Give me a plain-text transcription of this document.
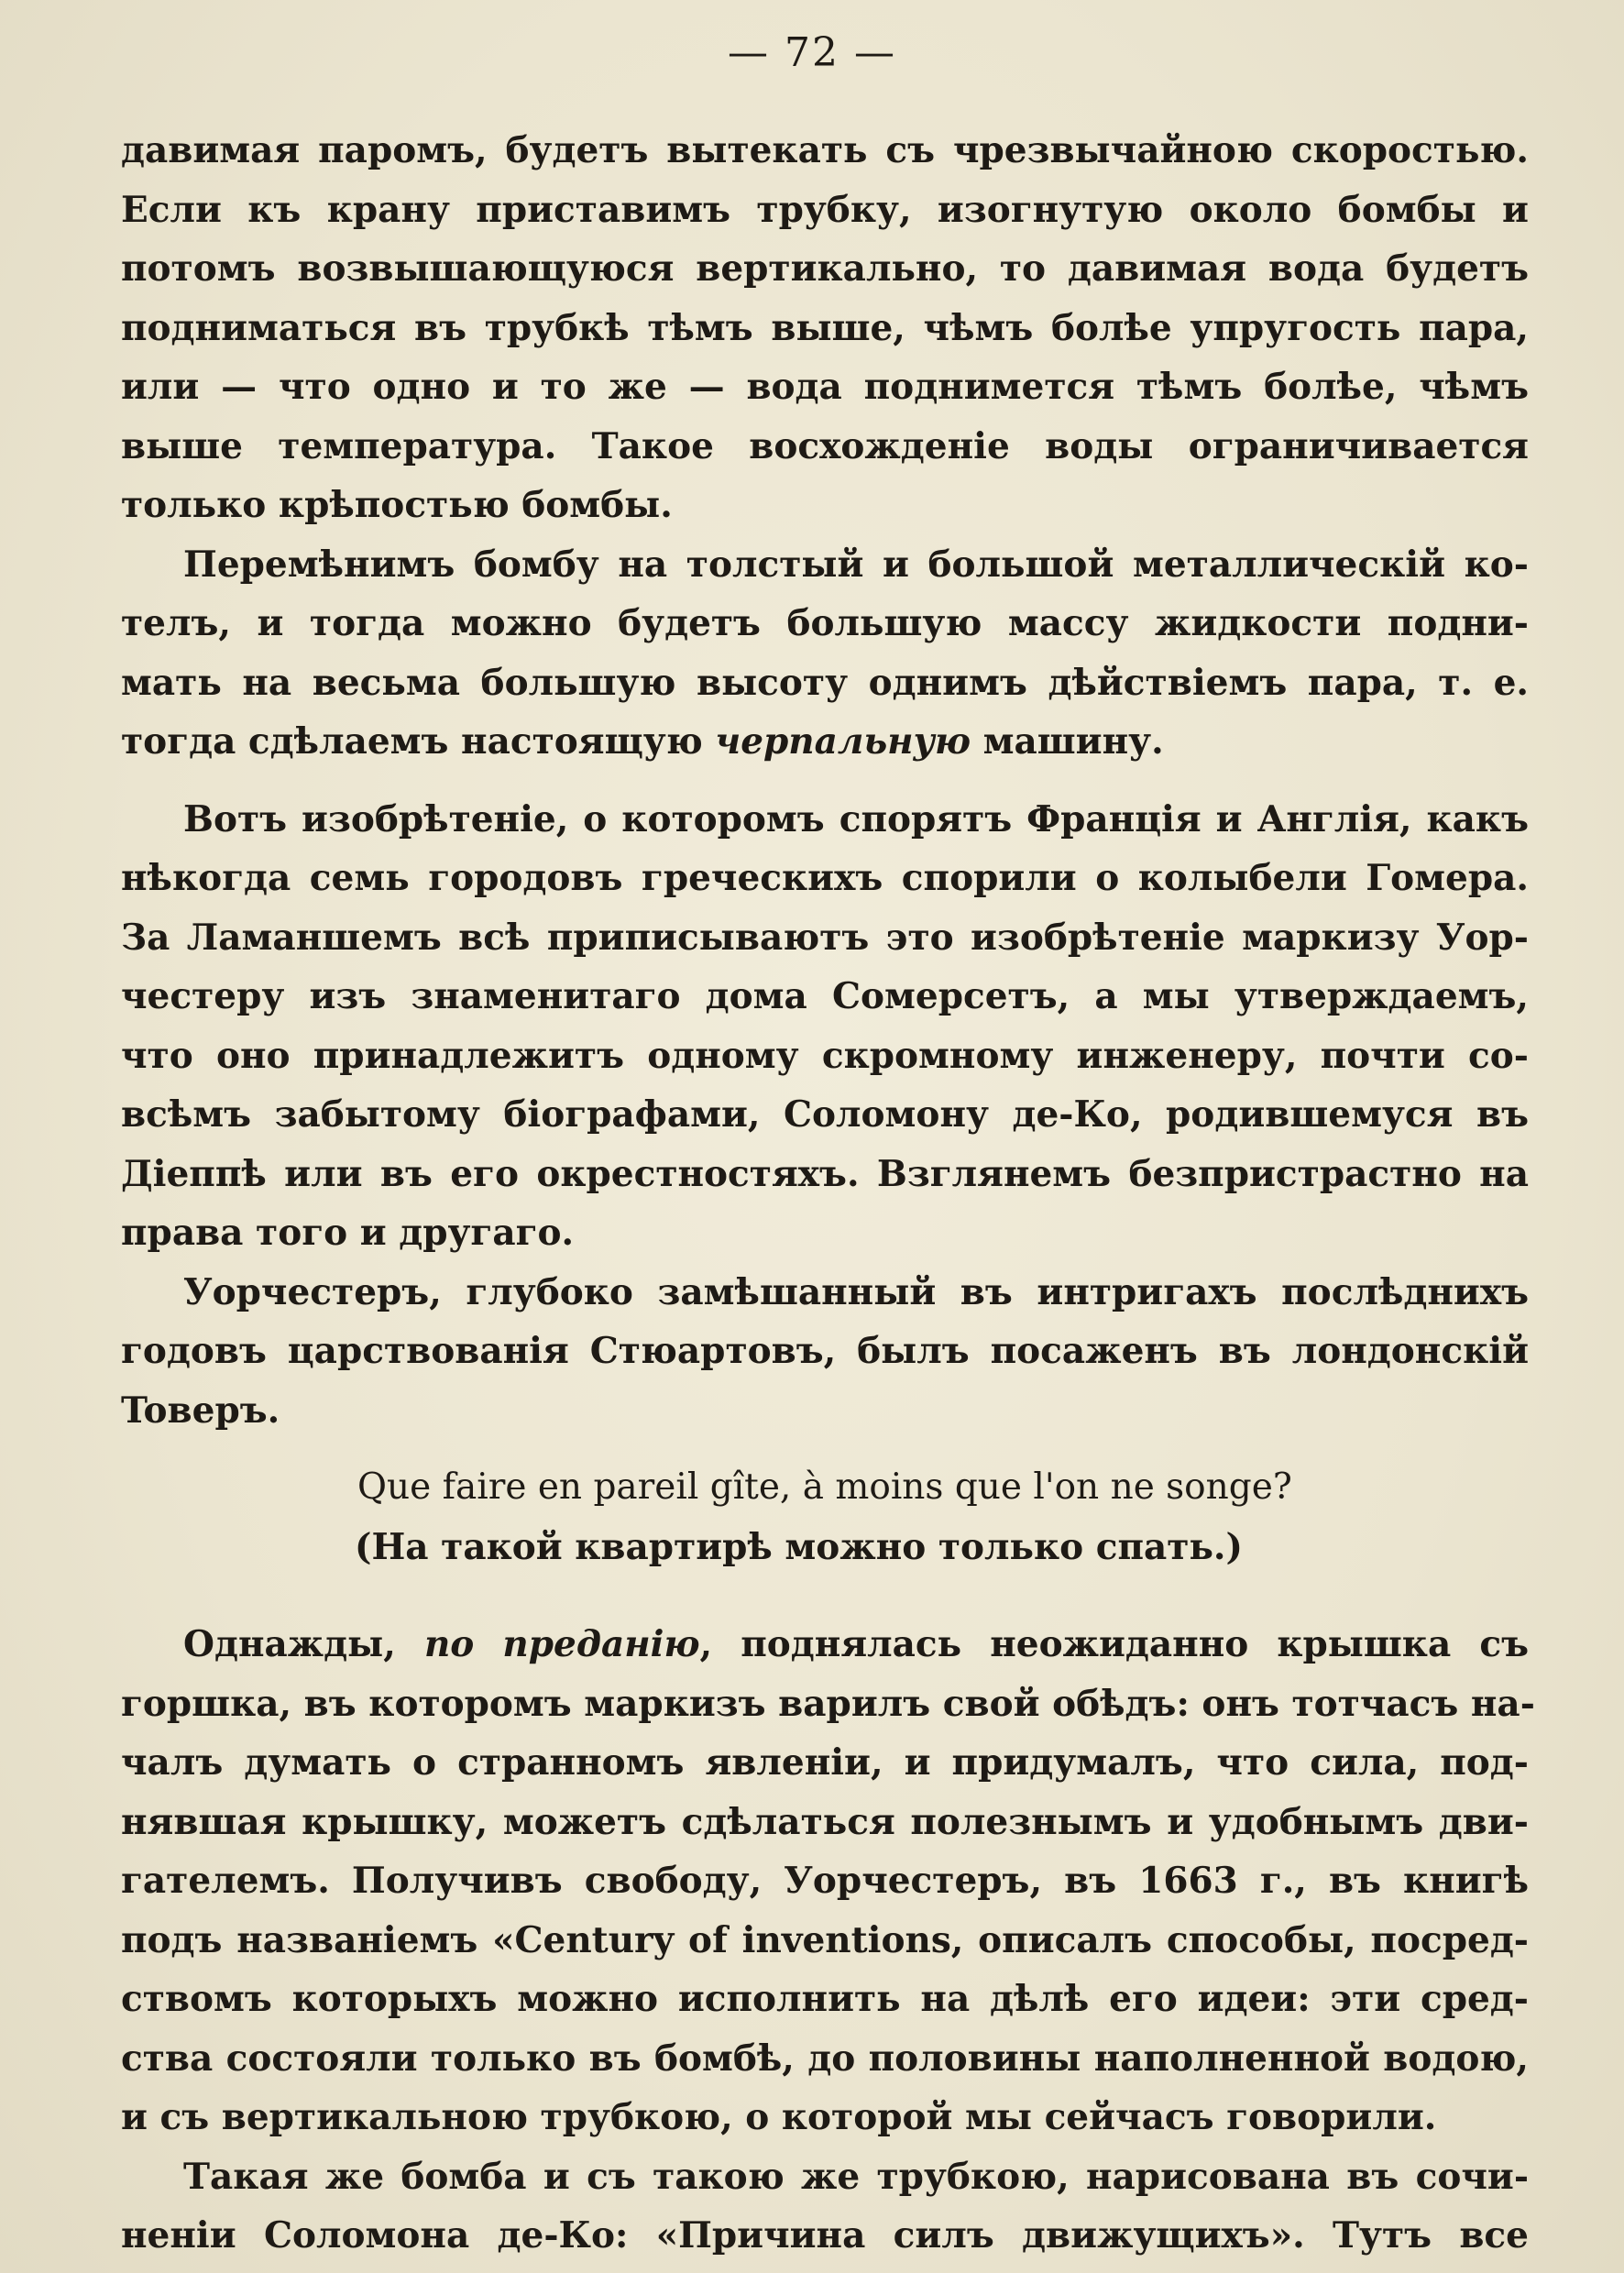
— 72 —
давимая паромъ, будетъ вытекать съ чрезвычайною скоростью.
Если къ крану приставимъ трубку, изогнутую около бомбы и
потомъ возвышающуюся вертикально, то давимая вода будетъ
подниматься въ трубкѣ тѣмъ выше, чѣмъ болѣе упругость пара,
или — что одно и то же — вода поднимется тѣмъ болѣе, чѣмъ
выше температура. Такое восхожденіе воды ограничивается
только крѣпостью бомбы.
Перемѣнимъ бомбу на толстый и большой металлическій ко-
телъ, и тогда можно будетъ большую массу жидкости подни-
мать на весьма большую высоту однимъ дѣйствіемъ пара, т. е.
тогда сдѣлаемъ настоящую черпальную машину.
Вотъ изобрѣтеніе, о которомъ спорятъ Франція и Англія, какъ
нѣкогда семь городовъ греческихъ спорили о колыбели Гомера.
За Ламаншемъ всѣ приписываютъ это изобрѣтеніе маркизу Уор-
честеру изъ знаменитаго дома Сомерсетъ, а мы утверждаемъ,
что оно принадлежитъ одному скромному инженеру, почти со-
всѣмъ забытому біографами, Соломону де-Ко, родившемуся въ
Діеппѣ или въ его окрестностяхъ. Взглянемъ безпристрастно на
права того и другаго.
Уорчестеръ, глубоко замѣшанный въ интригахъ послѣднихъ
годовъ царствованія Стюартовъ, былъ посаженъ въ лондонскій
Toверъ.
Que faire en pareil gîte, à moins que l'on ne songe?
(На такой квартирѣ можно только спать.)
Однажды, по преданію, поднялась неожиданно крышка съ
горшка, въ которомъ маркизъ варилъ свой обѣдъ: онъ тотчасъ на-
чалъ думать о странномъ явленіи, и придумалъ, что сила, под-
нявшая крышку, можетъ сдѣлаться полезнымъ и удобнымъ дви-
гателемъ. Получивъ свободу, Уорчестеръ, въ 1663 г., въ книгѣ
подъ названіемъ «Century of inventions, описалъ способы, посред-
ствомъ которыхъ можно исполнить на дѣлѣ его идеи: эти сред-
ства состояли только въ бомбѣ, до половины наполненной водою,
и съ вертикальною трубкою, о которой мы сейчасъ говорили.
Такая же бомба и съ такою же трубкою, нарисована въ сочи-
неніи Соломона де-Ко: «Причина силъ движущихъ». Тутъ все
